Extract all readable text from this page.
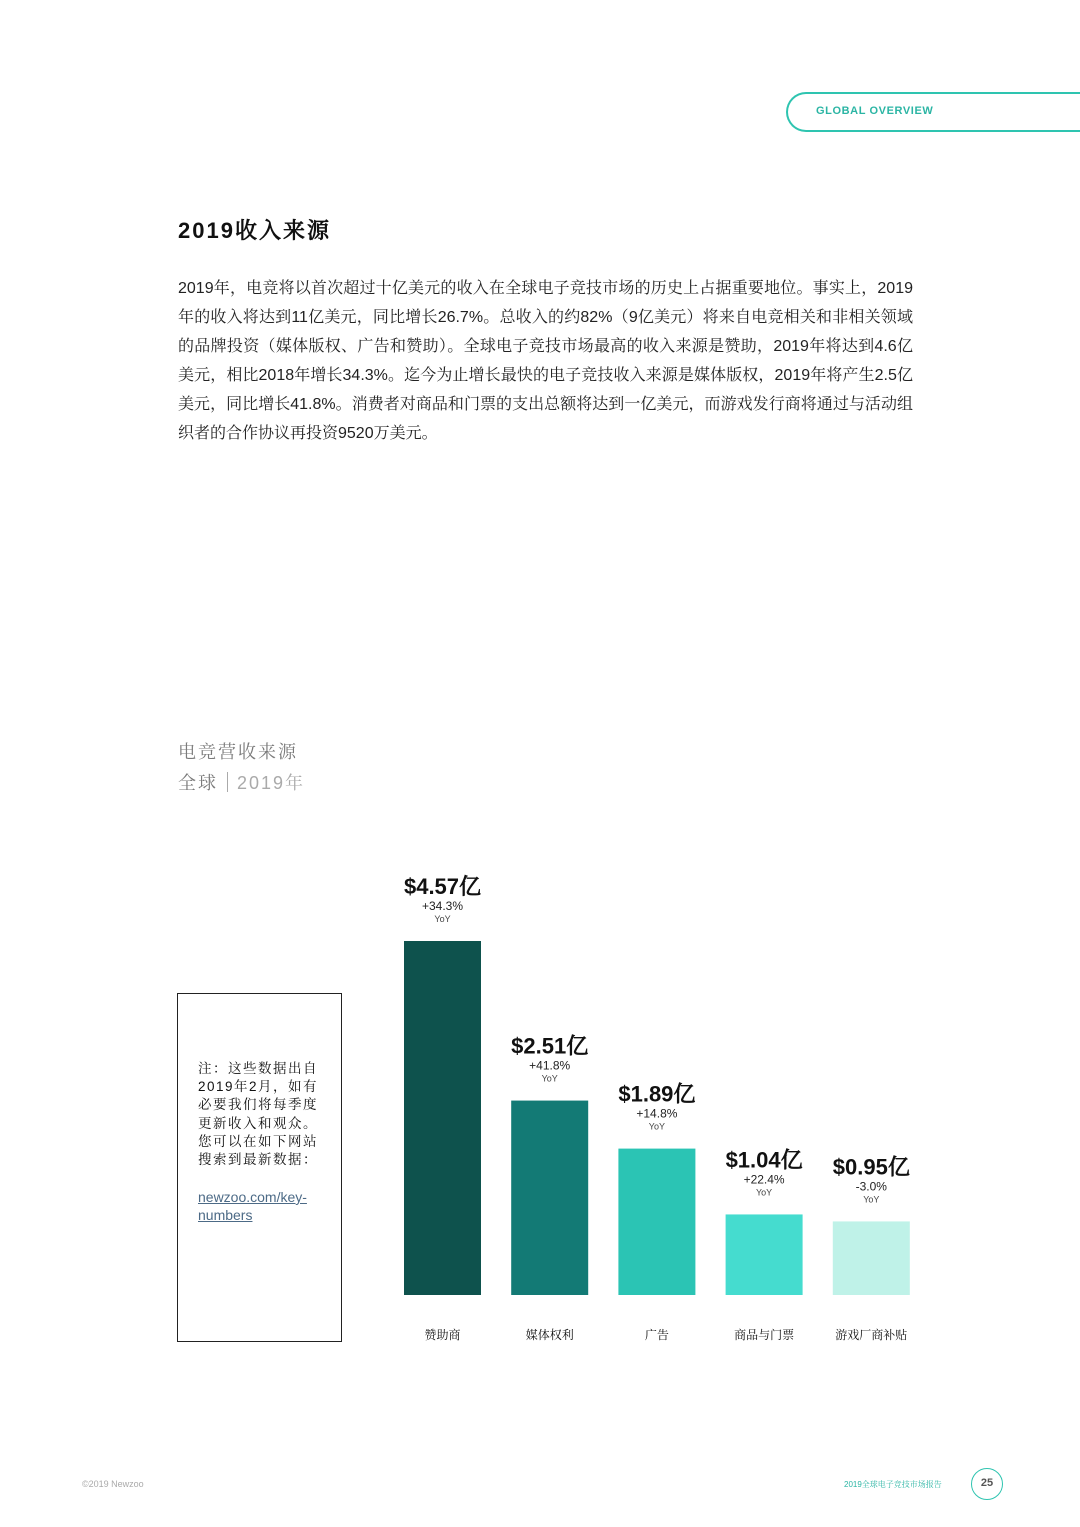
GLOBAL OVERVIEW
2019收入来源
2019年，电竞将以首次超过十亿美元的收入在全球电子竞技市场的历史上占据重要地位。事实上，2019年的收入将达到11亿美元，同比增长26.7%。总收入的约82%（9亿美元）将来自电竞相关和非相关领域的品牌投资（媒体版权、广告和赞助）。全球电子竞技市场最高的收入来源是赞助，2019年将达到4.6亿美元，相比2018年增长34.3%。迄今为止增长最快的电子竞技收入来源是媒体版权，2019年将产生2.5亿美元，同比增长41.8%。消费者对商品和门票的支出总额将达到一亿美元，而游戏发行商将通过与活动组织者的合作协议再投资9520万美元。
电竞营收来源
全球 2019年
注：这些数据出自2019年2月，如有必要我们将每季度更新收入和观众。您可以在如下网站搜索到最新数据：
newzoo.com/key-numbers
$4.57亿
+34.3%
YoY
赞助商
$2.51亿
+41.8%
YoY
媒体权利
$1.89亿
+14.8%
YoY
广告
$1.04亿
+22.4%
YoY
商品与门票
$0.95亿
-3.0%
YoY
游戏厂商补贴
©2019 Newzoo	2019全球电子竞技市场报告	25
